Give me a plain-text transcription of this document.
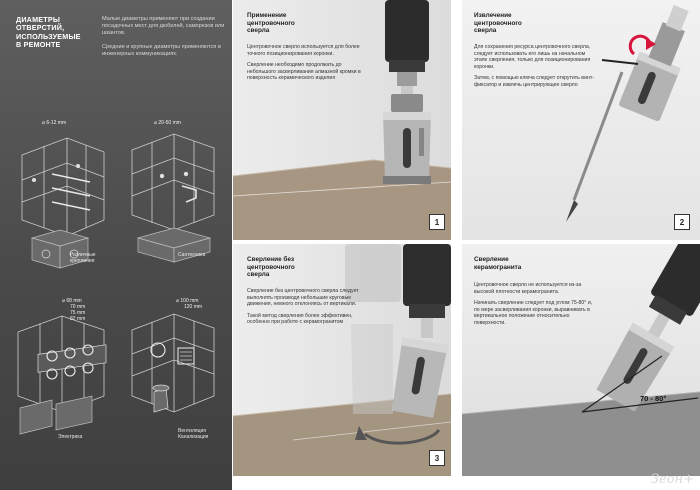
ДИАМЕТРЫ
ОТВЕРСТИЙ,
ИСПОЛЬЗУЕМЫЕ
В РЕМОНТЕ

Малые диаметры применяют при создании посадочных мест для дюбелей, саморезов или шкантов.

Средние и крупные диаметры применяются в инженерных коммуникациях.

⌀ 6-12 mm
Различные
крепления
⌀ 20-50 mm
Сантехника
⌀ 68 mm
70 mm
75 mm
82 mm
Электрика
⌀ 100 mm
120 mm
Вентиляция
Канализация
Применение
центровочного
сверла

Центровочное сверло используется для более точного позиционирования коронки.

Сверление необходимо продолжать до небольшого засверливания алмазной кромки в поверхность керамического изделия

1
Извлечение
центровочного
сверла

Для сохранения ресурса центровочного сверла, следует использовать его лишь на начальном этапе сверления, только для позиционирования коронки.

Затем, с помощью ключа следует открутить винт-фиксатор и извлечь центрирующее сверло

2
Сверление без
центровочного
сверла

Сверление без центровочного сверла следует выполнять производя небольшие круговые движения, немного отклоняясь от вертикали.

Такой метод сверления более эффективен, особенно при работе с керамогранитом

3
Сверление
керамогранита

Центровочное сверло не используется из-за высокой плотности керамогранита.

Начинать сверление следует под углом 75-80° и, по мере засверливания коронки, выравнивать в вертикальное положение относительно поверхности.

70 - 80°
Зеон+
